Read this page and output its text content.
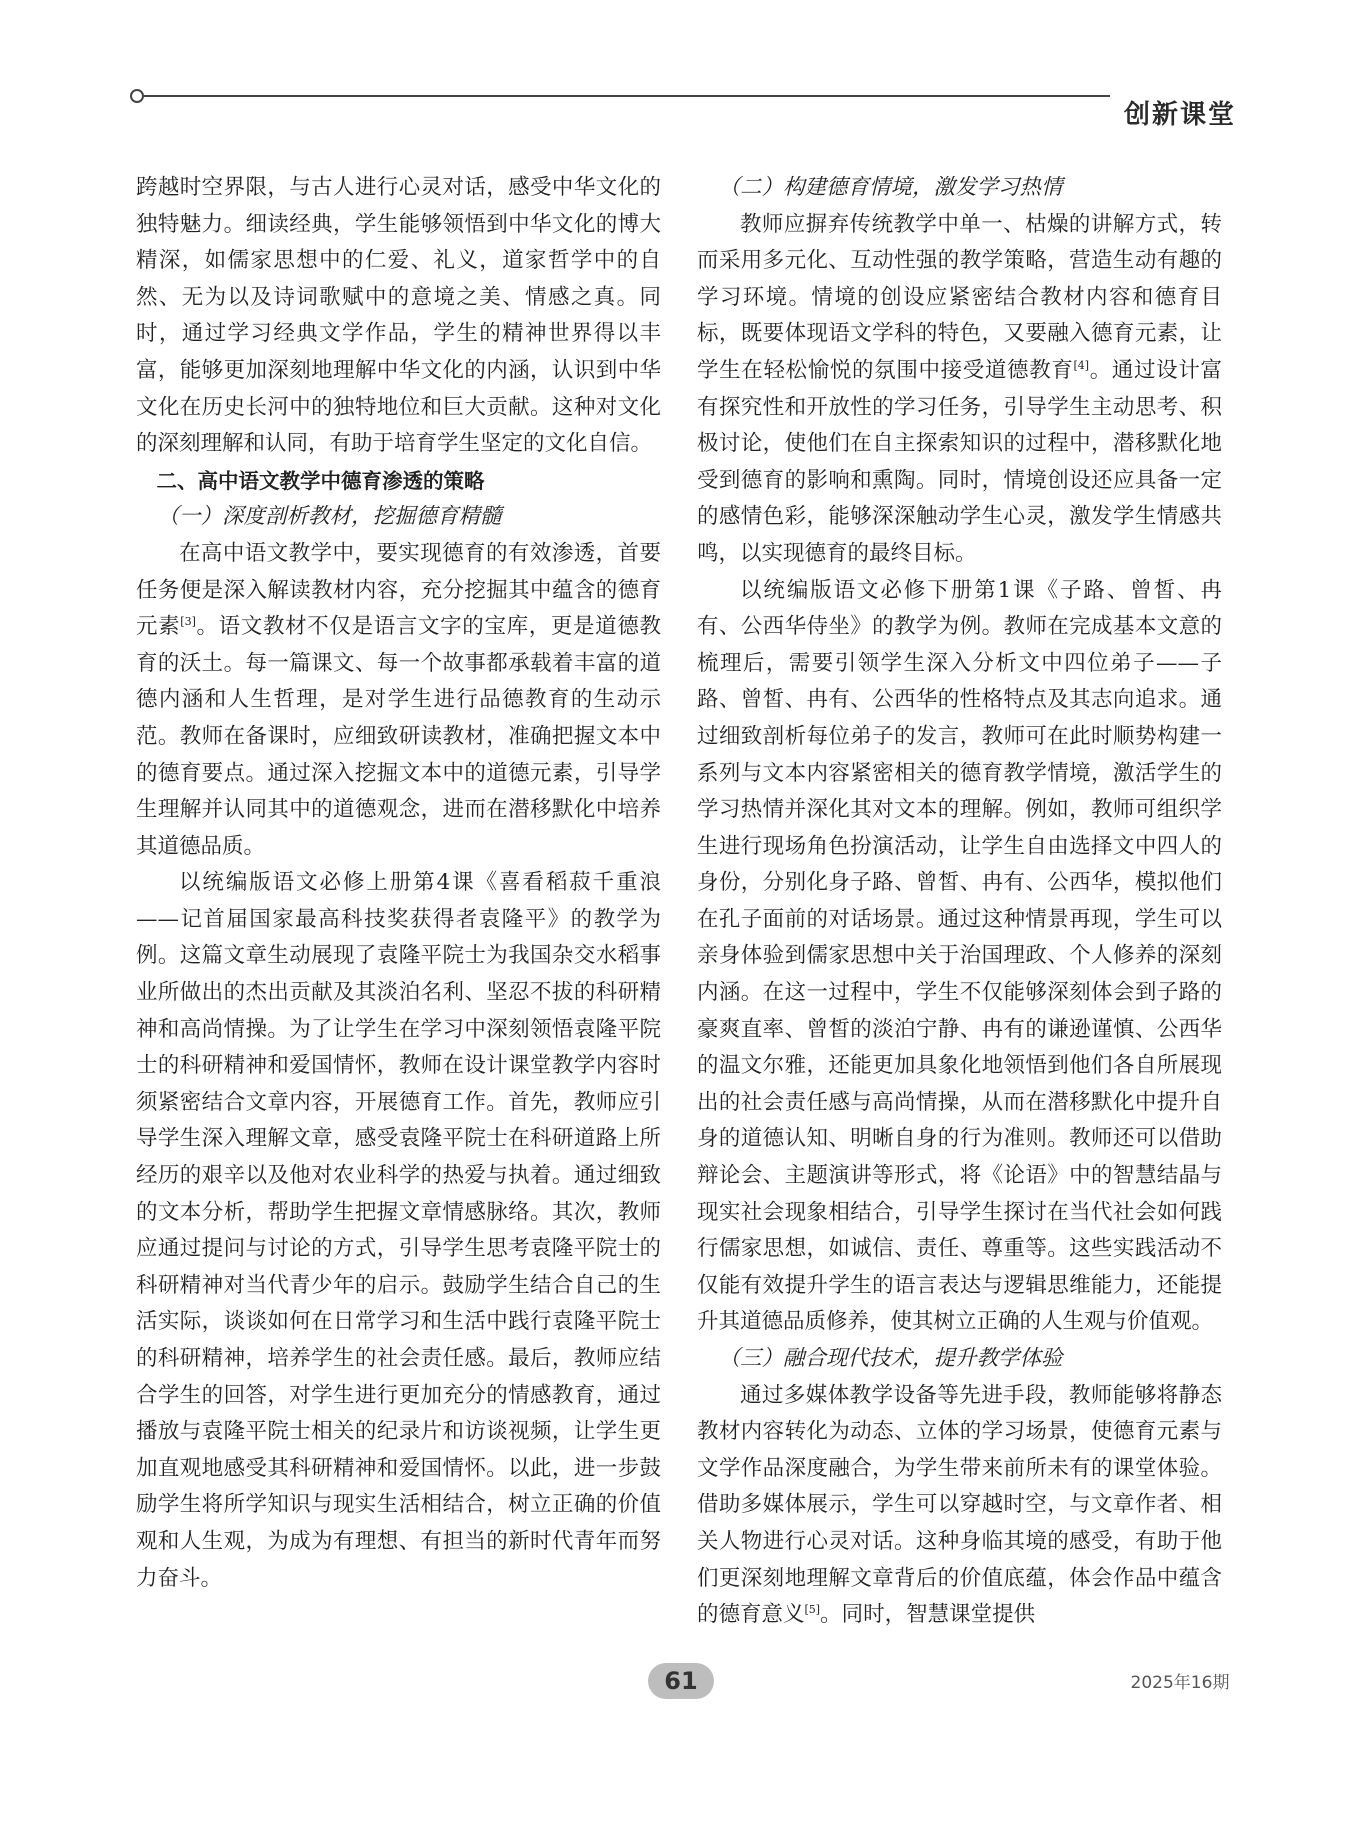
创新课堂

跨越时空界限，与古人进行心灵对话，感受中华文化的独特魅力。细读经典，学生能够领悟到中华文化的博大精深，如儒家思想中的仁爱、礼义，道家哲学中的自然、无为以及诗词歌赋中的意境之美、情感之真。同时，通过学习经典文学作品，学生的精神世界得以丰富，能够更加深刻地理解中华文化的内涵，认识到中华文化在历史长河中的独特地位和巨大贡献。这种对文化的深刻理解和认同，有助于培育学生坚定的文化自信。

二、高中语文教学中德育渗透的策略

（一）深度剖析教材，挖掘德育精髓

在高中语文教学中，要实现德育的有效渗透，首要任务便是深入解读教材内容，充分挖掘其中蕴含的德育元素[3]。语文教材不仅是语言文字的宝库，更是道德教育的沃土。每一篇课文、每一个故事都承载着丰富的道德内涵和人生哲理，是对学生进行品德教育的生动示范。教师在备课时，应细致研读教材，准确把握文本中的德育要点。通过深入挖掘文本中的道德元素，引导学生理解并认同其中的道德观念，进而在潜移默化中培养其道德品质。

以统编版语文必修上册第4课《喜看稻菽千重浪——记首届国家最高科技奖获得者袁隆平》的教学为例。这篇文章生动展现了袁隆平院士为我国杂交水稻事业所做出的杰出贡献及其淡泊名利、坚忍不拔的科研精神和高尚情操。为了让学生在学习中深刻领悟袁隆平院士的科研精神和爱国情怀，教师在设计课堂教学内容时须紧密结合文章内容，开展德育工作。首先，教师应引导学生深入理解文章，感受袁隆平院士在科研道路上所经历的艰辛以及他对农业科学的热爱与执着。通过细致的文本分析，帮助学生把握文章情感脉络。其次，教师应通过提问与讨论的方式，引导学生思考袁隆平院士的科研精神对当代青少年的启示。鼓励学生结合自己的生活实际，谈谈如何在日常学习和生活中践行袁隆平院士的科研精神，培养学生的社会责任感。最后，教师应结合学生的回答，对学生进行更加充分的情感教育，通过播放与袁隆平院士相关的纪录片和访谈视频，让学生更加直观地感受其科研精神和爱国情怀。以此，进一步鼓励学生将所学知识与现实生活相结合，树立正确的价值观和人生观，为成为有理想、有担当的新时代青年而努力奋斗。

（二）构建德育情境，激发学习热情

教师应摒弃传统教学中单一、枯燥的讲解方式，转而采用多元化、互动性强的教学策略，营造生动有趣的学习环境。情境的创设应紧密结合教材内容和德育目标，既要体现语文学科的特色，又要融入德育元素，让学生在轻松愉悦的氛围中接受道德教育[4]。通过设计富有探究性和开放性的学习任务，引导学生主动思考、积极讨论，使他们在自主探索知识的过程中，潜移默化地受到德育的影响和熏陶。同时，情境创设还应具备一定的感情色彩，能够深深触动学生心灵，激发学生情感共鸣，以实现德育的最终目标。

以统编版语文必修下册第1课《子路、曾皙、冉有、公西华侍坐》的教学为例。教师在完成基本文意的梳理后，需要引领学生深入分析文中四位弟子——子路、曾皙、冉有、公西华的性格特点及其志向追求。通过细致剖析每位弟子的发言，教师可在此时顺势构建一系列与文本内容紧密相关的德育教学情境，激活学生的学习热情并深化其对文本的理解。例如，教师可组织学生进行现场角色扮演活动，让学生自由选择文中四人的身份，分别化身子路、曾皙、冉有、公西华，模拟他们在孔子面前的对话场景。通过这种情景再现，学生可以亲身体验到儒家思想中关于治国理政、个人修养的深刻内涵。在这一过程中，学生不仅能够深刻体会到子路的豪爽直率、曾皙的淡泊宁静、冉有的谦逊谨慎、公西华的温文尔雅，还能更加具象化地领悟到他们各自所展现出的社会责任感与高尚情操，从而在潜移默化中提升自身的道德认知、明晰自身的行为准则。教师还可以借助辩论会、主题演讲等形式，将《论语》中的智慧结晶与现实社会现象相结合，引导学生探讨在当代社会如何践行儒家思想，如诚信、责任、尊重等。这些实践活动不仅能有效提升学生的语言表达与逻辑思维能力，还能提升其道德品质修养，使其树立正确的人生观与价值观。

（三）融合现代技术，提升教学体验

通过多媒体教学设备等先进手段，教师能够将静态教材内容转化为动态、立体的学习场景，使德育元素与文学作品深度融合，为学生带来前所未有的课堂体验。借助多媒体展示，学生可以穿越时空，与文章作者、相关人物进行心灵对话。这种身临其境的感受，有助于他们更深刻地理解文章背后的价值底蕴，体会作品中蕴含的德育意义[5]。同时，智慧课堂提供

61	2025年16期
